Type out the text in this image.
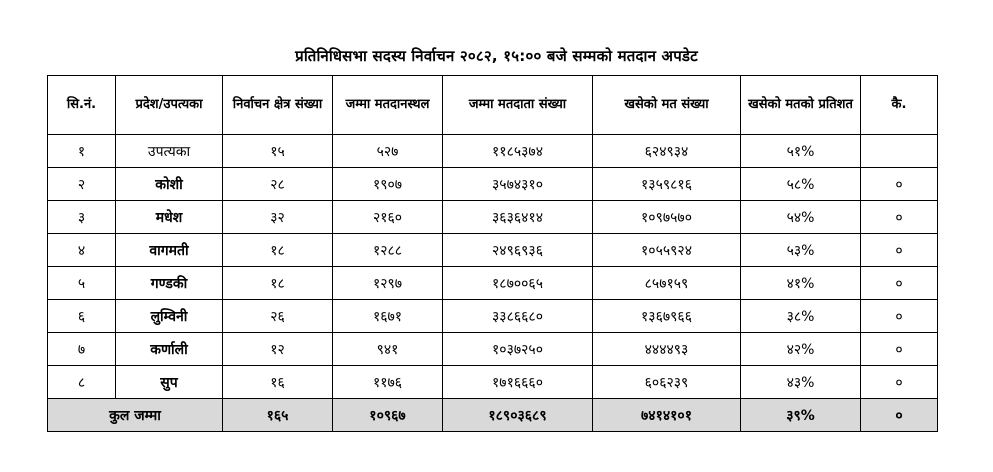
प्रतिनिधिसभा सदस्य निर्वाचन २०८२, १५:०० बजे सम्मको मतदान अपडेट
सि.नं.	प्रदेश/उपत्यका	निर्वाचन क्षेत्र संख्या	जम्मा मतदानस्थल	जम्मा मतदाता संख्या	खसेको मत संख्या	खसेको मतको प्रतिशत	कै.
१	उपत्यका	१५	५२७	११८५३७४	६२४९३४	५१%	
२	कोशी	२८	१९०७	३५७४३१०	१३५९८१६	५८%	०
३	मधेश	३२	२१६०	३६३६४१४	१०९७५७०	५४%	०
४	वागमती	१८	१२८८	२४९६९३६	१०५५९२४	५३%	०
५	गण्डकी	१८	१२९७	१८७००६५	८५७१५९	४१%	०
६	लुम्विनी	२६	१६७१	३३८६६८०	१३६७९६६	३८%	०
७	कर्णाली	१२	९४१	१०३७२५०	४४४४९३	४२%	०
८	सुप	१६	११७६	१७१६६६०	६०६२३९	४३%	०
कुल जम्मा		१६५	१०९६७	१८९०३६८९	७४१४१०१	३९%	०
